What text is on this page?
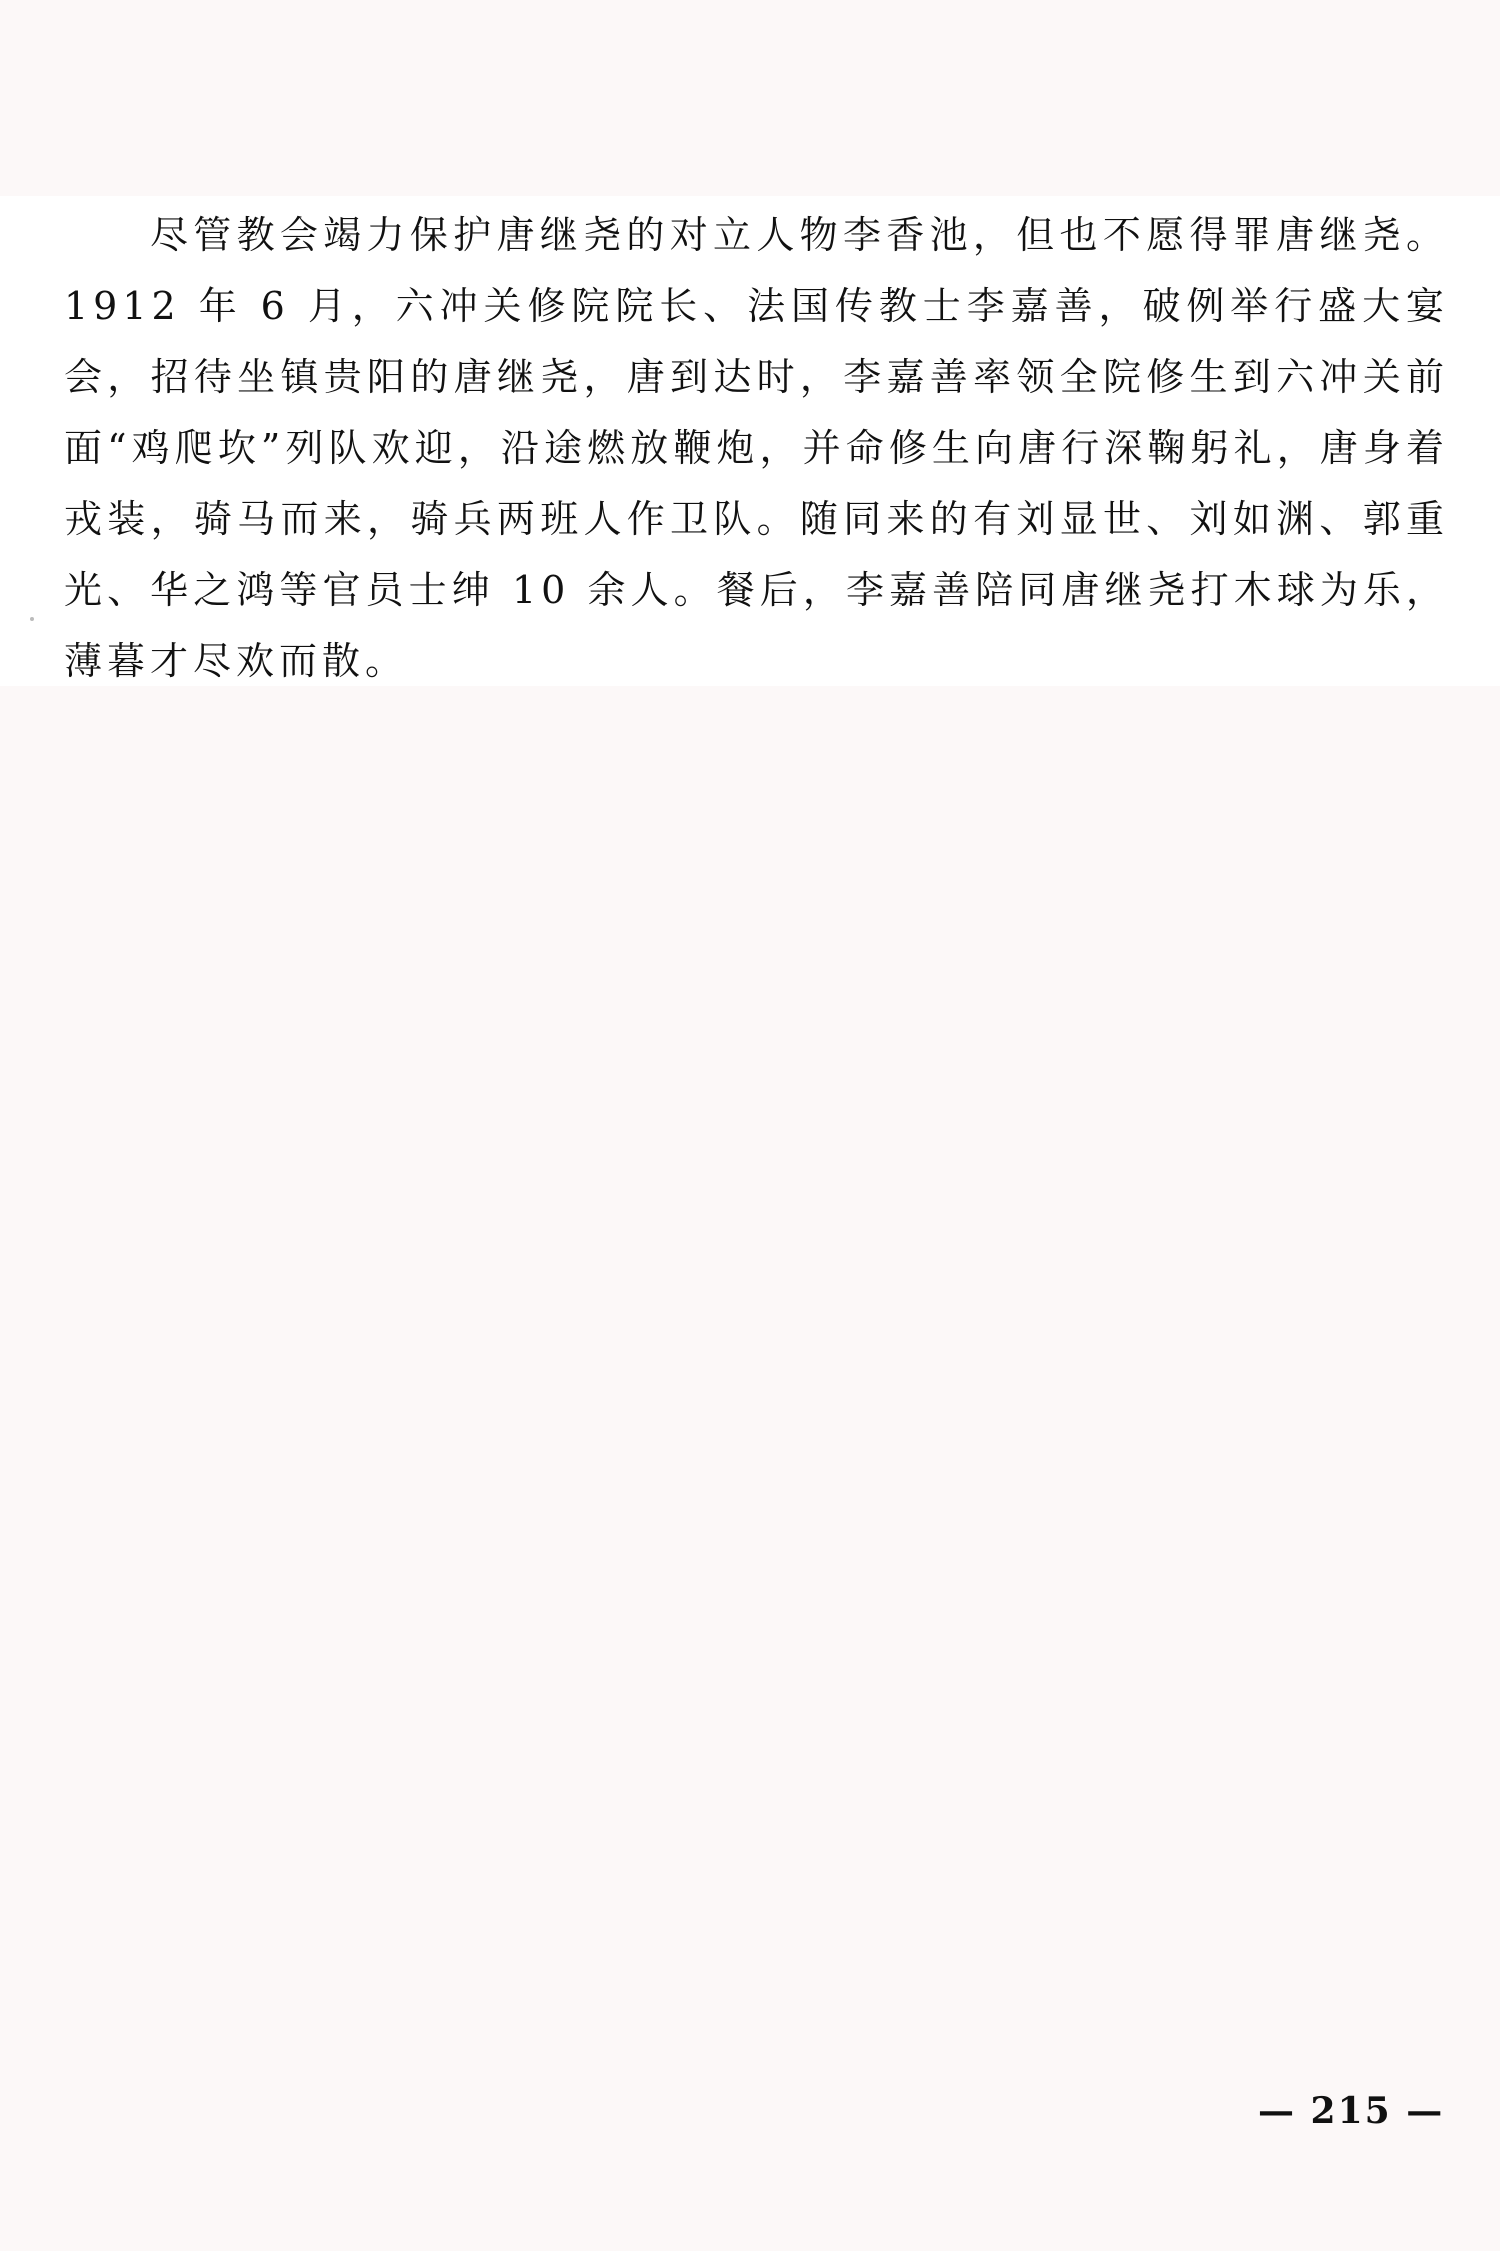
尽管教会竭力保护唐继尧的对立人物李香池，但也不愿得罪唐继尧。1912 年 6 月，六冲关修院院长、法国传教士李嘉善，破例举行盛大宴会，招待坐镇贵阳的唐继尧，唐到达时，李嘉善率领全院修生到六冲关前面“鸡爬坎”列队欢迎，沿途燃放鞭炮，并命修生向唐行深鞠躬礼，唐身着戎装，骑马而来，骑兵两班人作卫队。随同来的有刘显世、刘如渊、郭重光、华之鸿等官员士绅 10 余人。餐后，李嘉善陪同唐继尧打木球为乐，薄暮才尽欢而散。

— 215 —
